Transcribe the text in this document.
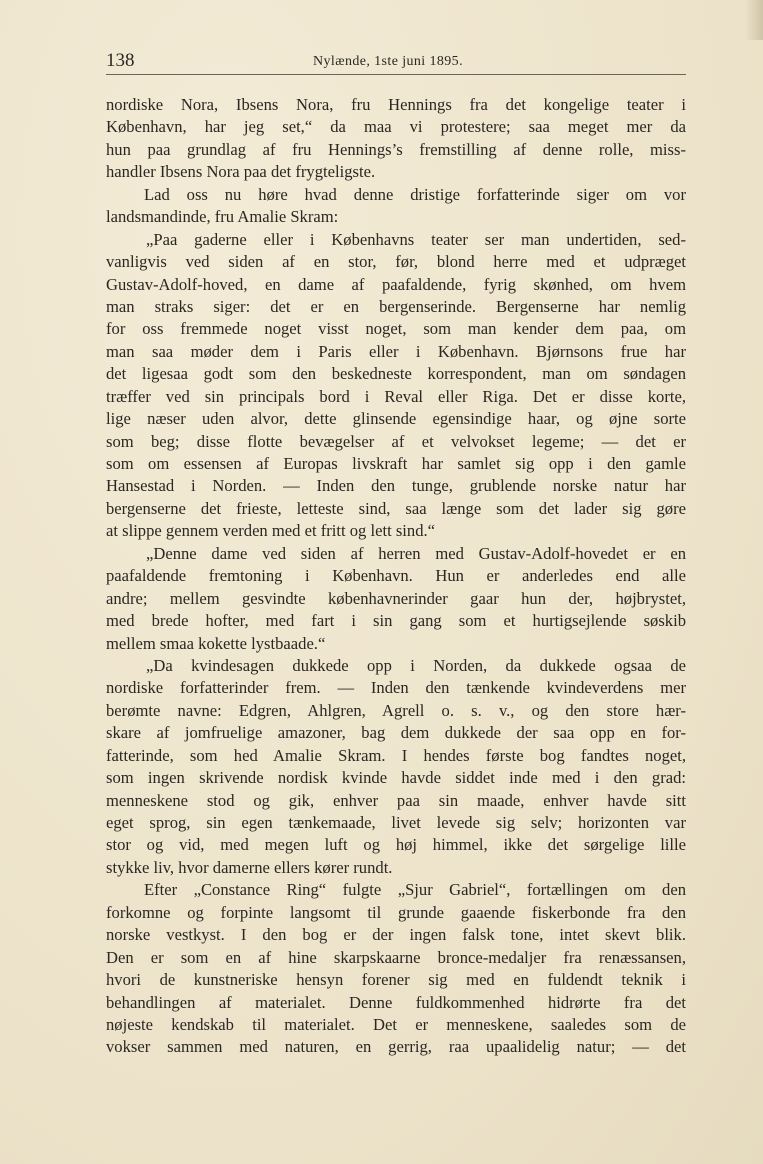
138	Nylænde, 1ste juni 1895.
nordiske Nora, Ibsens Nora, fru Hennings fra det kongelige teater i
København, har jeg set,“ da maa vi protestere; saa meget mer da
hun paa grundlag af fru Hennings’s fremstilling af denne rolle, miss-
handler Ibsens Nora paa det frygteligste.
Lad oss nu høre hvad denne dristige forfatterinde siger om vor
landsmandinde, fru Amalie Skram:
„Paa gaderne eller i Københavns teater ser man undertiden, sed-
vanligvis ved siden af en stor, før, blond herre med et udpræget
Gustav-Adolf-hoved, en dame af paafaldende, fyrig skønhed, om hvem
man straks siger: det er en bergenserinde. Bergenserne har nemlig
for oss fremmede noget visst noget, som man kender dem paa, om
man saa møder dem i Paris eller i København. Bjørnsons frue har
det ligesaa godt som den beskedneste korrespondent, man om søndagen
træffer ved sin principals bord i Reval eller Riga. Det er disse korte,
lige næser uden alvor, dette glinsende egensindige haar, og øjne sorte
som beg; disse flotte bevægelser af et velvokset legeme; — det er
som om essensen af Europas livskraft har samlet sig opp i den gamle
Hansestad i Norden. — Inden den tunge, grublende norske natur har
bergenserne det frieste, letteste sind, saa længe som det lader sig gøre
at slippe gennem verden med et fritt og lett sind.“
„Denne dame ved siden af herren med Gustav-Adolf-hovedet er en
paafaldende fremtoning i København. Hun er anderledes end alle
andre; mellem gesvindte københavnerinder gaar hun der, højbrystet,
med brede hofter, med fart i sin gang som et hurtigsejlende søskib
mellem smaa kokette lystbaade.“
„Da kvindesagen dukkede opp i Norden, da dukkede ogsaa de
nordiske forfatterinder frem. — Inden den tænkende kvindeverdens mer
berømte navne: Edgren, Ahlgren, Agrell o. s. v., og den store hær-
skare af jomfruelige amazoner, bag dem dukkede der saa opp en for-
fatterinde, som hed Amalie Skram. I hendes første bog fandtes noget,
som ingen skrivende nordisk kvinde havde siddet inde med i den grad:
menneskene stod og gik, enhver paa sin maade, enhver havde sitt
eget sprog, sin egen tænkemaade, livet levede sig selv; horizonten var
stor og vid, med megen luft og høj himmel, ikke det sørgelige lille
stykke liv, hvor damerne ellers kører rundt.
Efter „Constance Ring“ fulgte „Sjur Gabriel“, fortællingen om den
forkomne og forpinte langsomt til grunde gaaende fiskerbonde fra den
norske vestkyst. I den bog er der ingen falsk tone, intet skevt blik.
Den er som en af hine skarpskaarne bronce-medaljer fra renæssansen,
hvori de kunstneriske hensyn forener sig med en fuldendt teknik i
behandlingen af materialet. Denne fuldkommenhed hidrørte fra det
nøjeste kendskab til materialet. Det er menneskene, saaledes som de
vokser sammen med naturen, en gerrig, raa upaalidelig natur; — det
